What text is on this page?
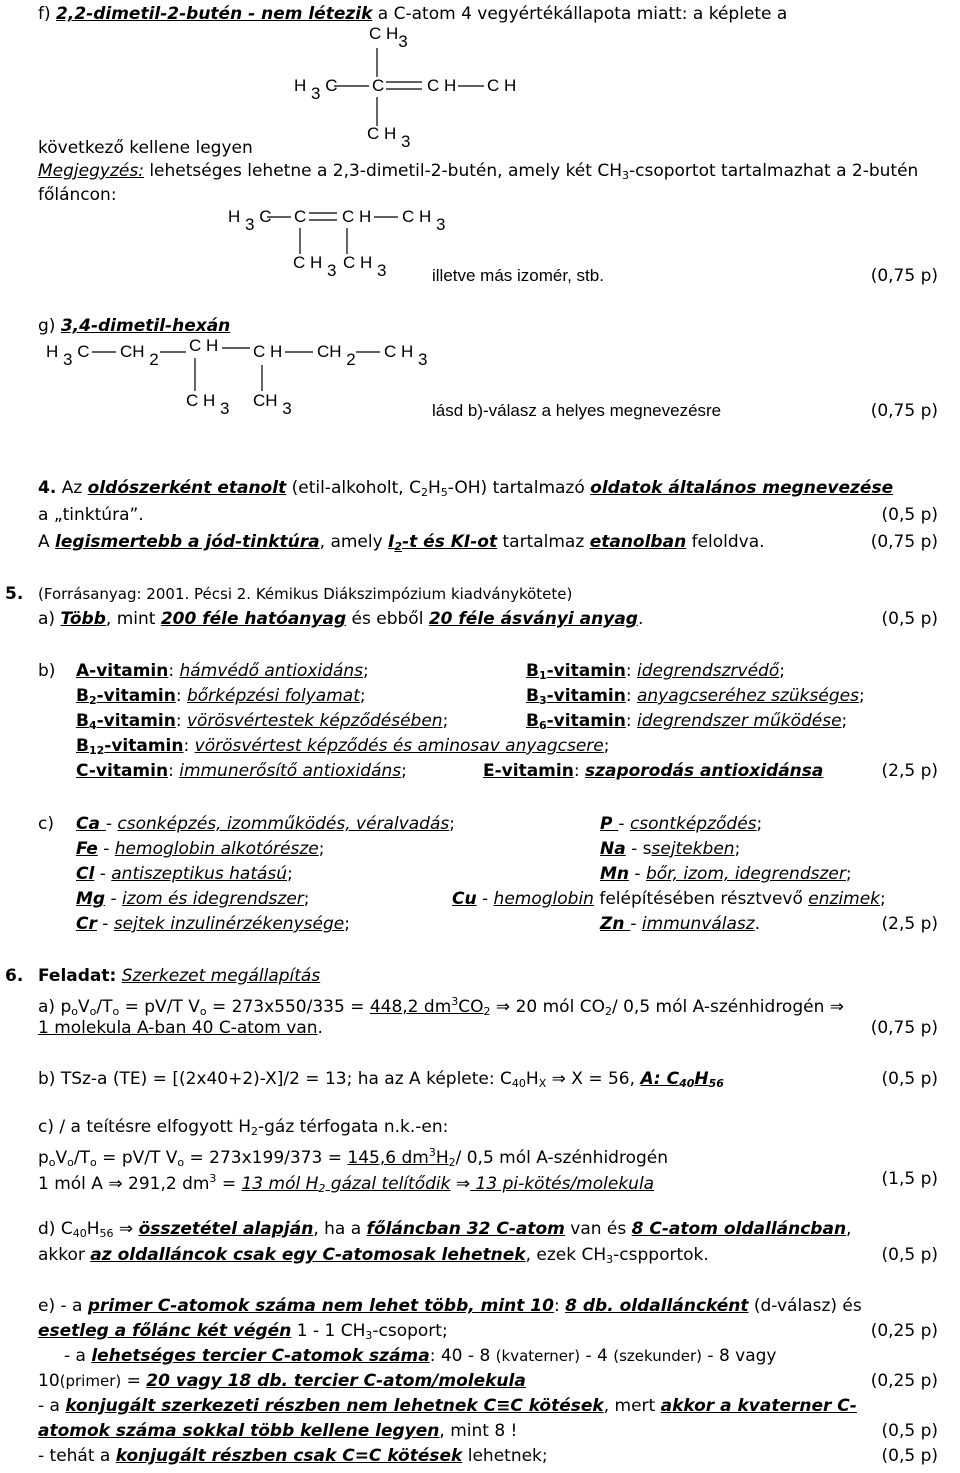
f) 2,2-dimetil-2-butén - nem létezik a C-atom 4 vegyértékállapota miatt: a képlete a
C $H_3$
H $_3$ C C	C H C H
C H $_3$
következő kellene legyen
Megjegyzés: lehetséges lehetne a 2,3-dimetil-2-butén, amely két $CH_3$-csoportot tartalmazhat a 2-butén
főláncon:
H $_3$ C C C H C H $_3$
C H $_3$ C H $_3$	illetve más izomér, stb.	(0,75 p)
g) 3,4-dimetil-hexán
H $_3$ C CH $_2$
C H C H CH $_2$ C H $_3$
C H $_3$ CH $_3$	lásd b)-válasz a helyes megnevezésre	(0,75 p)
4. Az oldószerként etanolt (etil-alkoholt, $C_2H_5-OH$) tartalmazó oldatok általános megnevezése
a „tinktúra”.	(0,5 p)
A legismertebb a jód-tinktúra, amely $I_2-t$ és KI-ot tartalmaz etanolban feloldva.	(0,75 p)
5. (Forrásanyag: 2001. Pécsi 2. Kémikus Diákszimpózium kiadványkötete)
a) Több, mint 200 féle hatóanyag és ebből 20 féle ásványi anyag.	(0,5 p)
b) A-vitamin: hámvédő antioxidáns;	$B_1$-vitamin: idegrendszrvédő;
$B_2$-vitamin: bőrképzési folyamat;	$B_3$-vitamin: anyagcseréhez szükséges;
$B_4$-vitamin: vörösvértestek képződésében;	$B_6$-vitamin: idegrendszer működése;
$B_{12}$-vitamin: vörösvértest képződés és aminosav anyagcsere;
C-vitamin: immunerősítő antioxidáns;	E-vitamin: szaporodás antioxidánsa	(2,5 p)
c) Ca - csonképzés, izomműködés, véralvadás;	P - csontképződés;
Fe - hemoglobin alkotórésze;	Na - ssejtekben;
Cl - antiszeptikus hatású;	Mn - bőr, izom, idegrendszer;
Mg - izom és idegrendszer;	Cu - hemoglobin felépítésében résztvevő enzimek;
Cr - sejtek inzulinérzékenysége;	Zn - immunválasz.	(2,5 p)
6. Feladat: Szerkezet megállapítás
a) $p_oV_o/T_o = pV/T$ $V_o = 273x550/335 = 448,2$ $dm^3CO_2$ ⇒ 20 mól $CO_2/$ 0,5 mól A-szénhidrogén ⇒
1 molekula A-ban 40 C-atom van.	(0,75 p)
b) TSz-a (TE) = [(2x40+2)-X]/2 = 13; ha az A képlete: $C_{40}H_X$ ⇒ X = 56, A: $C_{40}H_{56}$	(0,5 p)
c) / a teítésre elfogyott $H_2$-gáz térfogata n.k.-en:
$p_oV_o/T_o = pV/T$ $V_o = 273x199/373 = 145,6$ $dm^3H_2/$ 0,5 mól A-szénhidrogén
1 mól A ⇒ 291,2 $dm^3 = 13$ mól $H_2$ gázal telítődik ⇒ 13 pi-kötés/molekula	(1,5 p)
d) $C_{40}H_{56}$ ⇒ összetétel alapján, ha a főláncban 32 C-atom van és 8 C-atom oldalláncban,
akkor az oldalláncok csak egy C-atomosak lehetnek, ezek $CH_3$-cspportok.	(0,5 p)
e) - a primer C-atomok száma nem lehet több, mint 10: 8 db. oldalláncként (d-válasz) és
esetleg a főlánc két végén 1 - 1 $CH_3$-csoport;	(0,25 p)
- a lehetséges tercier C-atomok száma: 40 - 8 (kvaterner) - 4 (szekunder) - 8 vagy
10(primer) = 20 vagy 18 db. tercier C-atom/molekula	(0,25 p)
- a konjugált szerkezeti részben nem lehetnek C≡C kötések, mert akkor a kvaterner C-
atomok száma sokkal több kellene legyen, mint 8 !	(0,5 p)
- tehát a konjugált részben csak C=C kötések lehetnek;	(0,5 p)
